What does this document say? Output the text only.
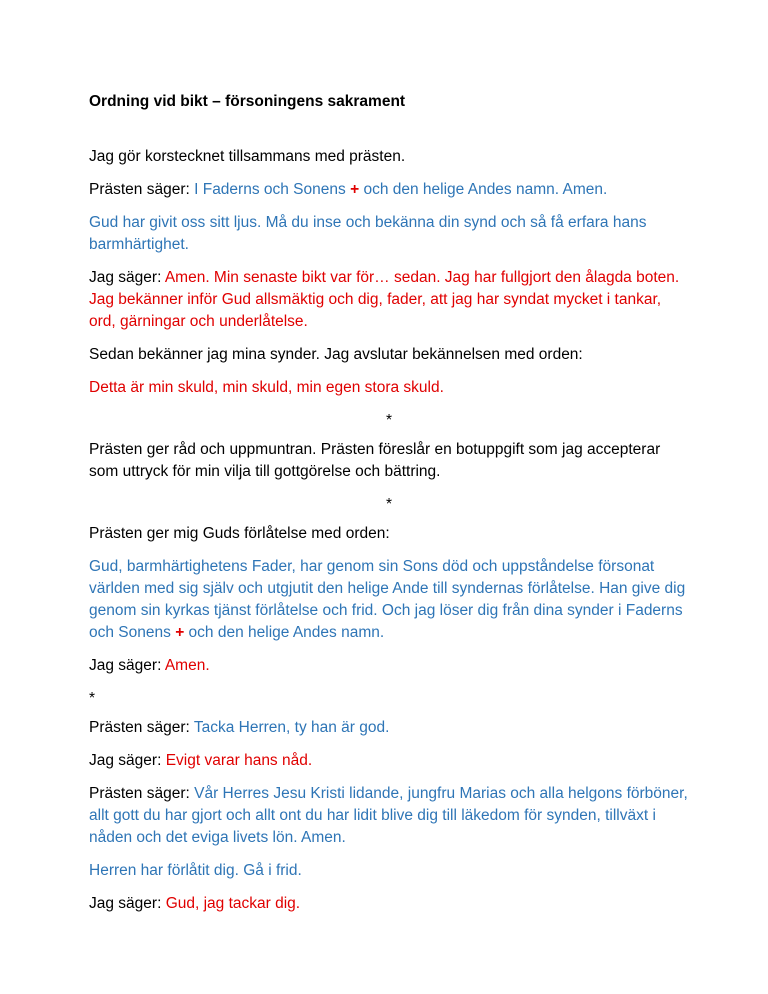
Ordning vid bikt – försoningens sakrament

Jag gör korstecknet tillsammans med prästen.

Prästen säger: I Faderns och Sonens + och den helige Andes namn. Amen.

Gud har givit oss sitt ljus. Må du inse och bekänna din synd och så få erfara hans barmhärtighet.

Jag säger: Amen. Min senaste bikt var för… sedan. Jag har fullgjort den ålagda boten. Jag bekänner inför Gud allsmäktig och dig, fader, att jag har syndat mycket i tankar, ord, gärningar och underlåtelse.

Sedan bekänner jag mina synder. Jag avslutar bekännelsen med orden:

Detta är min skuld, min skuld, min egen stora skuld.

*

Prästen ger råd och uppmuntran. Prästen föreslår en botuppgift som jag accepterar som uttryck för min vilja till gottgörelse och bättring.

*

Prästen ger mig Guds förlåtelse med orden:

Gud, barmhärtighetens Fader, har genom sin Sons död och uppståndelse försonat världen med sig själv och utgjutit den helige Ande till syndernas förlåtelse. Han give dig genom sin kyrkas tjänst förlåtelse och frid. Och jag löser dig från dina synder i Faderns och Sonens + och den helige Andes namn.

Jag säger: Amen.

*

Prästen säger: Tacka Herren, ty han är god.

Jag säger: Evigt varar hans nåd.

Prästen säger: Vår Herres Jesu Kristi lidande, jungfru Marias och alla helgons förböner, allt gott du har gjort och allt ont du har lidit blive dig till läkedom för synden, tillväxt i nåden och det eviga livets lön. Amen.

Herren har förlåtit dig. Gå i frid.

Jag säger: Gud, jag tackar dig.
